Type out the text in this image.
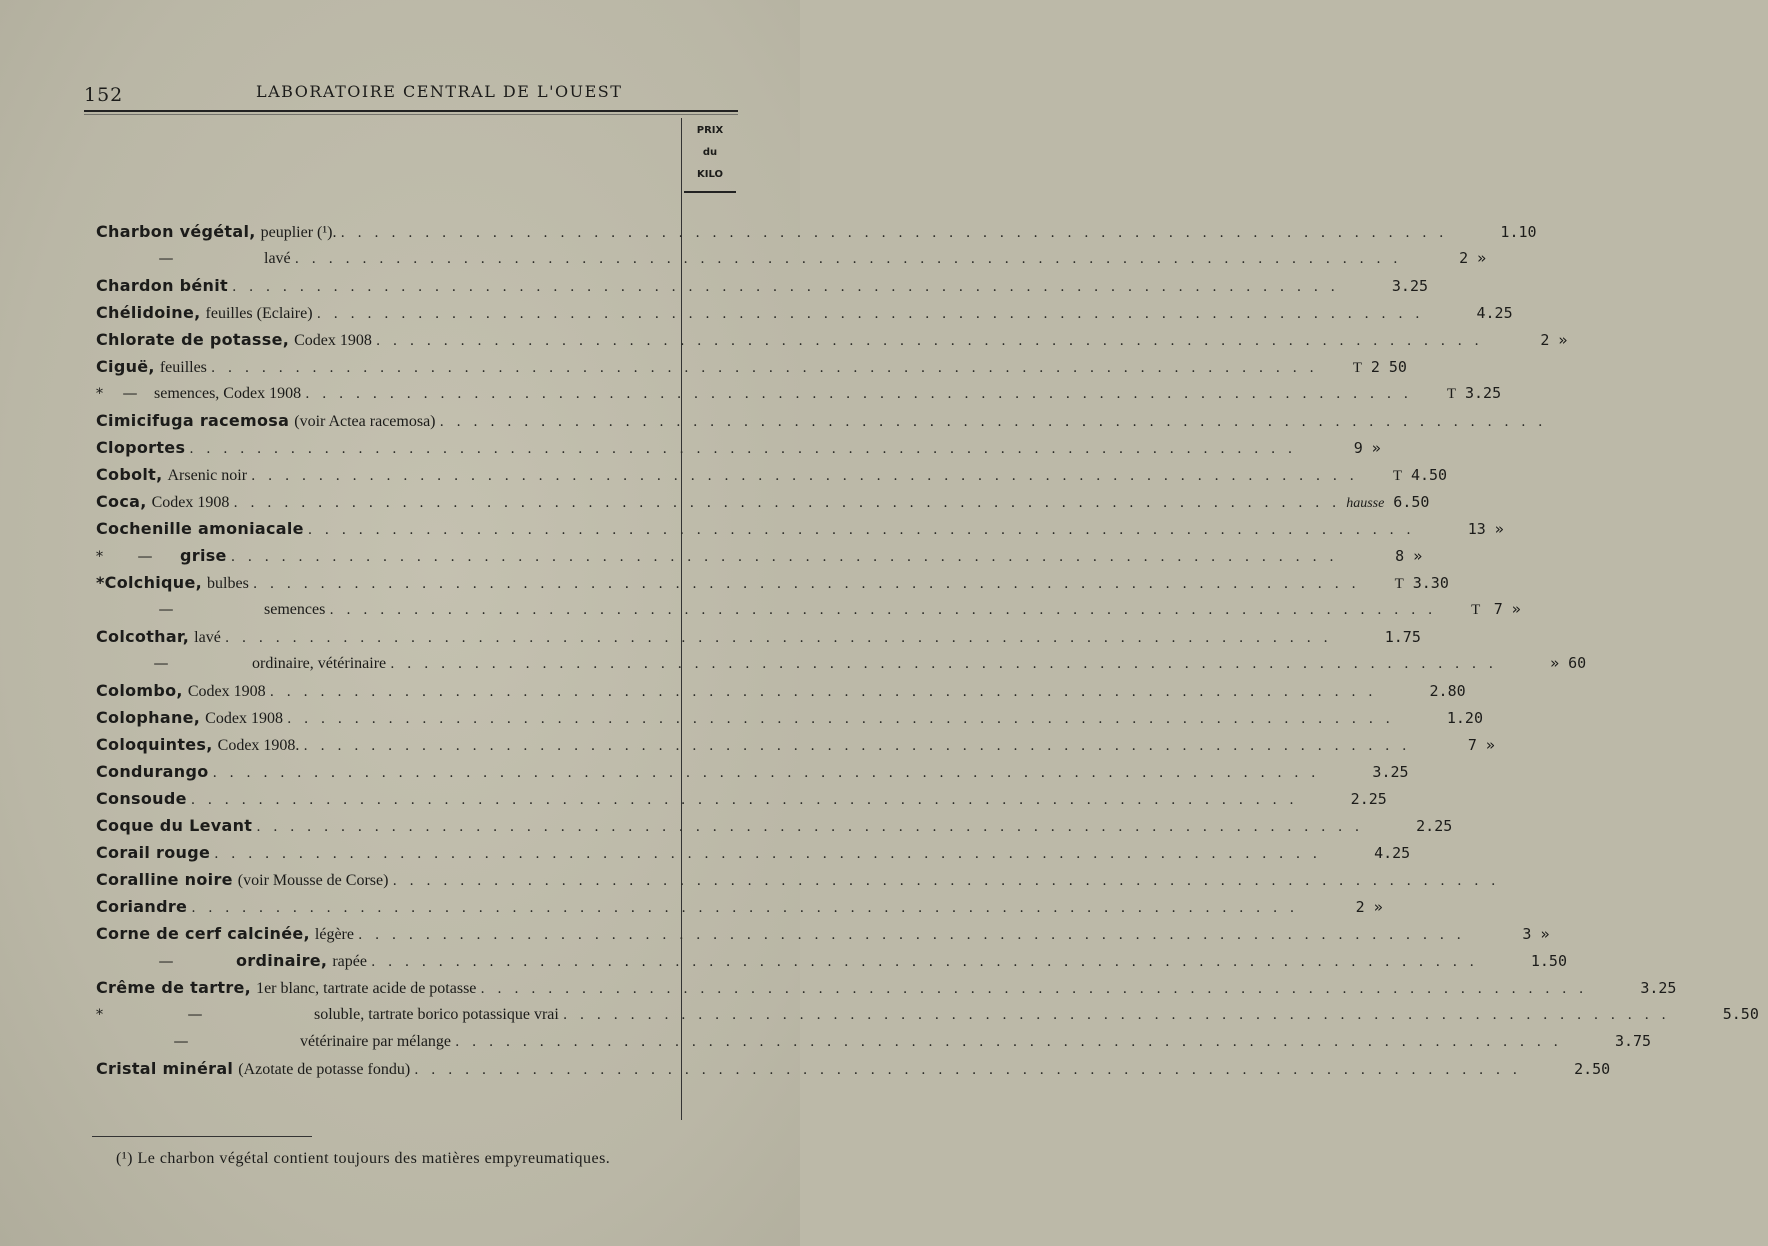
152	LABORATOIRE CENTRAL DE L'OUEST
PRIX
du
KILO
Charbon végétal, peuplier (¹). . . .	1.10
—	lavé . . .	2 »
Chardon bénit . . .	3.25
Chélidoine, feuilles (Eclaire) . . .	4.25
Chlorate de potasse, Codex 1908 . . .	2 »
Ciguë, feuilles . . .	T 2 50
*	—	semences, Codex 1908 . . .	T 3.25
Cimicifuga racemosa (voir Actea racemosa)
. . .
Cloportes . . .	9 »
Cobolt, Arsenic noir . . .	T 4.50
Coca, Codex 1908 . . .	hausse 6.50
Cochenille amoniacale . . .	13 »
*	—	grise . . .	8 »
*Colchique, bulbes . . .	T 3.30
—	semences . . .	T 7 »
Colcothar, lavé . . .	1.75
—	ordinaire, vétérinaire . . .	» 60
Colombo, Codex 1908 . . .	2.80
Colophane, Codex 1908 . . .	1.20
Coloquintes, Codex 1908. . . .	7 »
Condurango . . .	3.25
Consoude . . .	2.25
Coque du Levant . . .	2.25
Corail rouge . . .	4.25
Coralline noire (voir Mousse de Corse)
. . .
Coriandre . . .	2 »
Corne de cerf calcinée, légère . . .	3 »
—	ordinaire, rapée . . .	1.50
Crême de tartre, 1er blanc, tartrate acide de potasse . . .	3.25
*	—	soluble, tartrate borico potassique vrai . . .	5.50
—	vétérinaire par mélange . . .	3.75
Cristal minéral (Azotate de potasse fondu) . . .	2.50
(¹) Le charbon végétal contient toujours des matières empyreumatiques.
